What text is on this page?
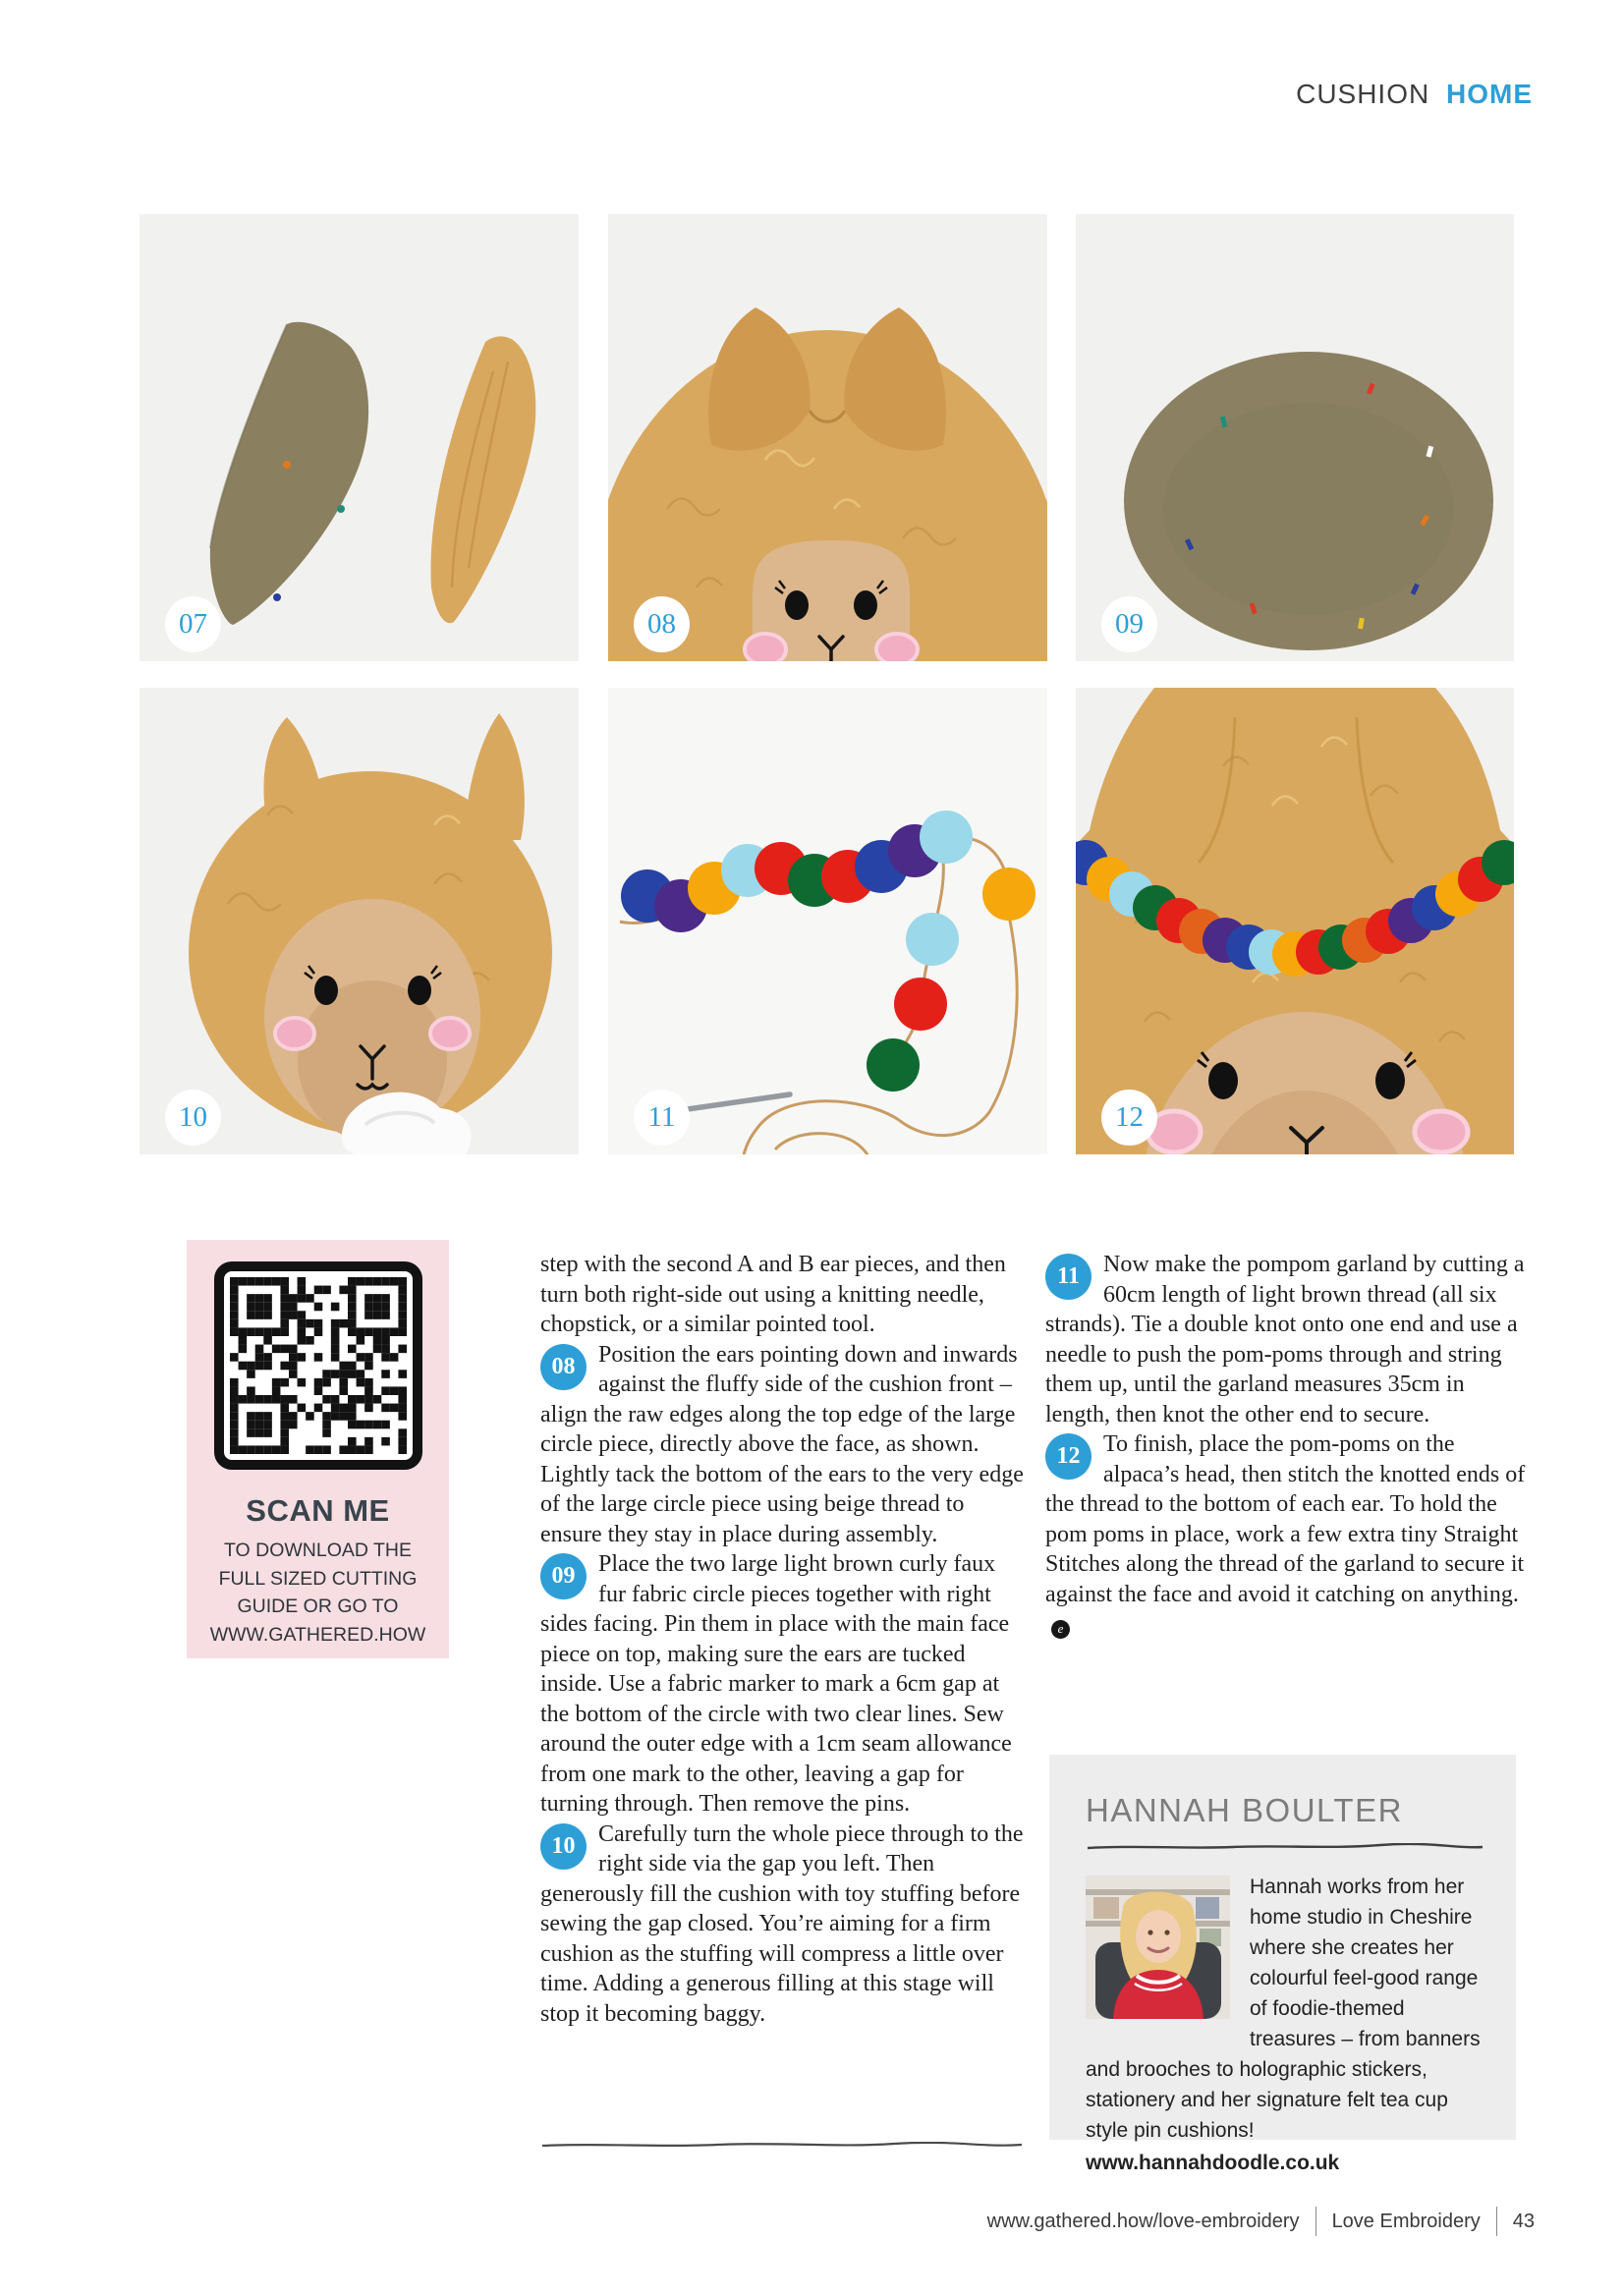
CUSHION HOME
07	08	09
10	11	12
SCAN ME
TO DOWNLOAD THE
FULL SIZED CUTTING
GUIDE OR GO TO
WWW.GATHERED.HOW

step with the second A and B ear pieces, and then turn both right-side out using a knitting needle, chopstick, or a similar pointed tool.

08 Position the ears pointing down and inwards against the fluffy side of the cushion front – align the raw edges along the top edge of the large circle piece, directly above the face, as shown. Lightly tack the bottom of the ears to the very edge of the large circle piece using beige thread to ensure they stay in place during assembly.

09 Place the two large light brown curly faux fur fabric circle pieces together with right sides facing. Pin them in place with the main face piece on top, making sure the ears are tucked inside. Use a fabric marker to mark a 6cm gap at the bottom of the circle with two clear lines. Sew around the outer edge with a 1cm seam allowance from one mark to the other, leaving a gap for turning through. Then remove the pins.

10 Carefully turn the whole piece through to the right side via the gap you left. Then generously fill the cushion with toy stuffing before sewing the gap closed. You’re aiming for a firm cushion as the stuffing will compress a little over time. Adding a generous filling at this stage will stop it becoming baggy.

11	Now make the pompom garland by cutting a 60cm length of light brown thread (all six strands). Tie a double knot onto one end and use a needle to push the pom-poms through and string them up, until the garland measures 35cm in length, then knot the other end to secure.

12 To finish, place the pom-poms on the alpaca’s head, then stitch the knotted ends of the thread to the bottom of each ear. To hold the pom poms in place, work a few extra tiny Straight Stitches along the thread of the garland to secure it against the face and avoid it catching on anything.e

HANNAH BOULTER
Hannah works from her home studio in Cheshire where she creates her colourful feel-good range of foodie-themed treasures – from banners and brooches to holographic stickers, stationery and her signature felt tea cup style pin cushions!
www.hannahdoodle.co.uk
www.gathered.how/love-embroidery Love Embroidery 43
